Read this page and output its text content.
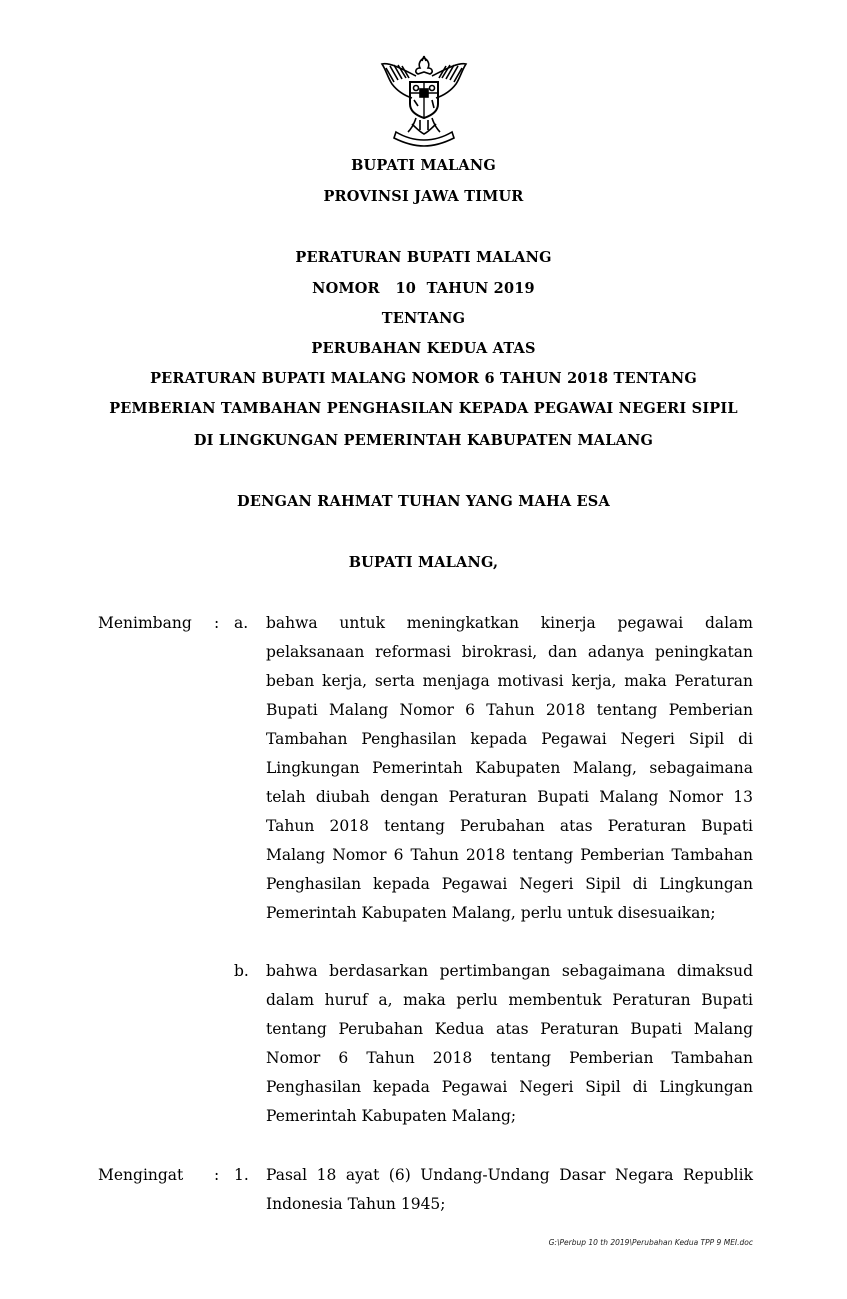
BUPATI MALANG
PROVINSI JAWA TIMUR
PERATURAN BUPATI MALANG
NOMOR   10  TAHUN 2019
TENTANG
PERUBAHAN KEDUA ATAS
PERATURAN BUPATI MALANG NOMOR 6 TAHUN 2018 TENTANG
PEMBERIAN TAMBAHAN PENGHASILAN KEPADA PEGAWAI NEGERI SIPIL
DI LINGKUNGAN PEMERINTAH KABUPATEN MALANG
DENGAN RAHMAT TUHAN YANG MAHA ESA
BUPATI MALANG,
Menimbang : a. bahwa untuk meningkatkan kinerja pegawai dalam pelaksanaan reformasi birokrasi, dan adanya peningkatan beban kerja, serta menjaga motivasi kerja, maka Peraturan Bupati Malang Nomor 6 Tahun 2018 tentang Pemberian Tambahan Penghasilan kepada Pegawai Negeri Sipil di Lingkungan Pemerintah Kabupaten Malang, sebagaimana telah diubah dengan Peraturan Bupati Malang Nomor 13 Tahun 2018 tentang Perubahan atas Peraturan Bupati Malang Nomor 6 Tahun 2018 tentang Pemberian Tambahan Penghasilan kepada Pegawai Negeri Sipil di Lingkungan Pemerintah Kabupaten Malang, perlu untuk disesuaikan;
b. bahwa berdasarkan pertimbangan sebagaimana dimaksud dalam huruf a, maka perlu membentuk Peraturan Bupati tentang Perubahan Kedua atas Peraturan Bupati Malang Nomor 6 Tahun 2018 tentang Pemberian Tambahan Penghasilan kepada Pegawai Negeri Sipil di Lingkungan Pemerintah Kabupaten Malang;
Mengingat : 1. Pasal 18 ayat (6) Undang-Undang Dasar Negara Republik Indonesia Tahun 1945;
G:\Perbup 10 th 2019\Perubahan Kedua TPP 9 MEI.doc
